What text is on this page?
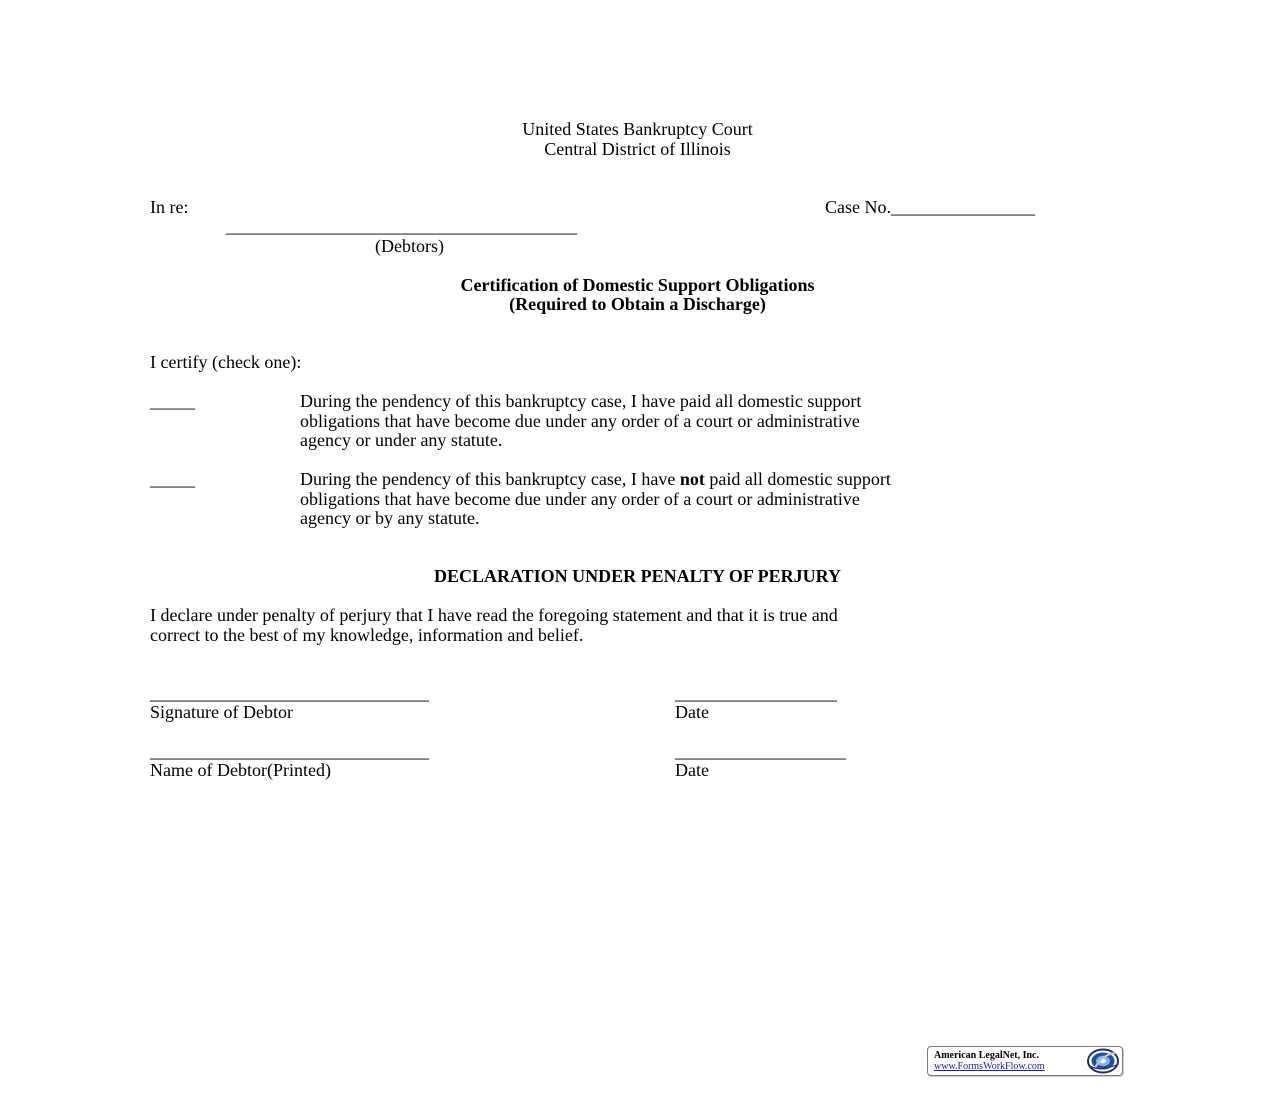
United States Bankruptcy Court
Central District of Illinois
In re:	Case No.________________
_______________________________________
(Debtors)
Certification of Domestic Support Obligations
(Required to Obtain a Discharge)
I certify (check one):
_____	During the pendency of this bankruptcy case, I have paid all domestic support
obligations that have become due under any order of a court or administrative
agency or under any statute.
_____	During the pendency of this bankruptcy case, I have not paid all domestic support
obligations that have become due under any order of a court or administrative
agency or by any statute.
DECLARATION UNDER PENALTY OF PERJURY
I declare under penalty of perjury that I have read the foregoing statement and that it is true and
correct to the best of my knowledge, information and belief.
_______________________________	__________________
Signature of Debtor	Date
_______________________________	___________________
Name of Debtor(Printed)	Date
American LegalNet, Inc.
www.FormsWorkFlow.com
